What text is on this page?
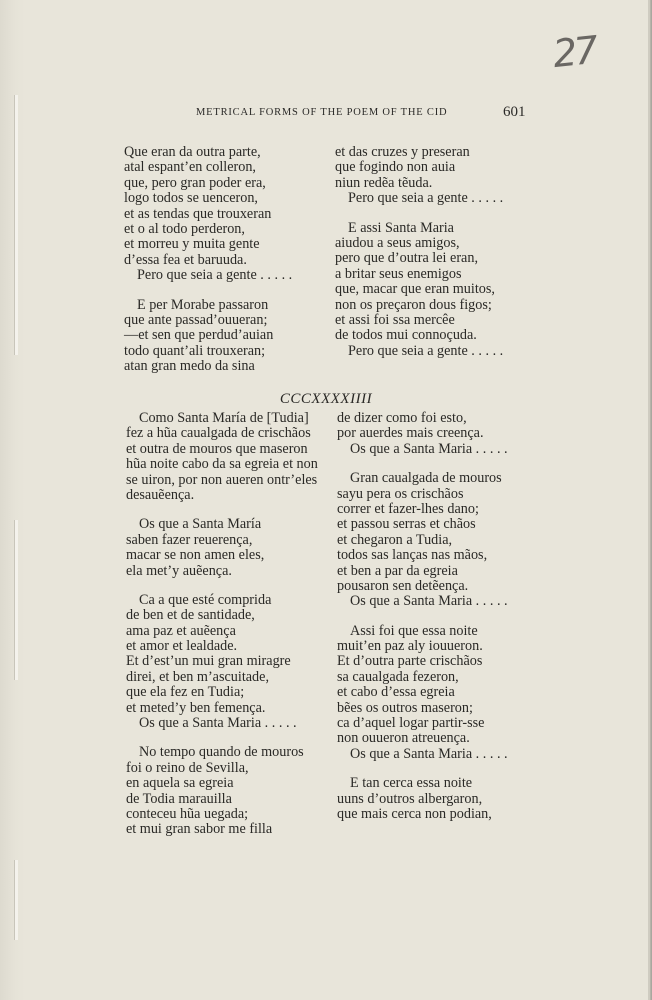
27
METRICAL FORMS OF THE POEM OF THE CID	601
Que eran da outra parte,
atal espant’en colleron,
que, pero gran poder era,
logo todos se uenceron,
et as tendas que trouxeran
et o al todo perderon,
et morreu y muita gente
d’essa fea et baruuda.
Pero que seia a gente . . . . .
E per Morabe passaron
que ante passad’ouueran;
—et sen que perdud’auian
todo quant’ali trouxeran;
atan gran medo da sina
et das cruzes y preseran
que fogindo non auia
niun redẽa tẽuda.
Pero que seia a gente . . . . .
E assi Santa Maria
aiudou a seus amigos,
pero que d’outra lei eran,
a britar seus enemigos
que, macar que eran muitos,
non os preçaron dous figos;
et assi foi ssa mercêe
de todos mui connoçuda.
Pero que seia a gente . . . . .
CCCXXXXIIII
Como Santa María de [Tudia]
fez a hũa caualgada de crischãos
et outra de mouros que maseron
hũa noite cabo da sa egreia et non
se uiron, por non aueren ontr’eles
desauẽença.
Os que a Santa María
saben fazer reuerença,
macar se non amen eles,
ela met’y auẽença.
Ca a que esté comprida
de ben et de santidade,
ama paz et auẽença
et amor et lealdade.
Et d’est’un mui gran miragre
direi, et ben m’ascuitade,
que ela fez en Tudia;
et meted’y ben femença.
Os que a Santa Maria . . . . .
No tempo quando de mouros
foi o reino de Sevilla,
en aquela sa egreia
de Todia marauilla
conteceu hũa uegada;
et mui gran sabor me filla
de dizer como foi esto,
por auerdes mais creença.
Os que a Santa Maria . . . . .
Gran caualgada de mouros
sayu pera os crischãos
correr et fazer-lhes dano;
et passou serras et chãos
et chegaron a Tudia,
todos sas lanças nas mãos,
et ben a par da egreia
pousaron sen detẽença.
Os que a Santa Maria . . . . .
Assi foi que essa noite
muit’en paz aly iouueron.
Et d’outra parte crischãos
sa caualgada fezeron,
et cabo d’essa egreia
bẽes os outros maseron;
ca d’aquel logar partir-sse
non ouueron atreuença.
Os que a Santa Maria . . . . .
E tan cerca essa noite
uuns d’outros albergaron,
que mais cerca non podian,
